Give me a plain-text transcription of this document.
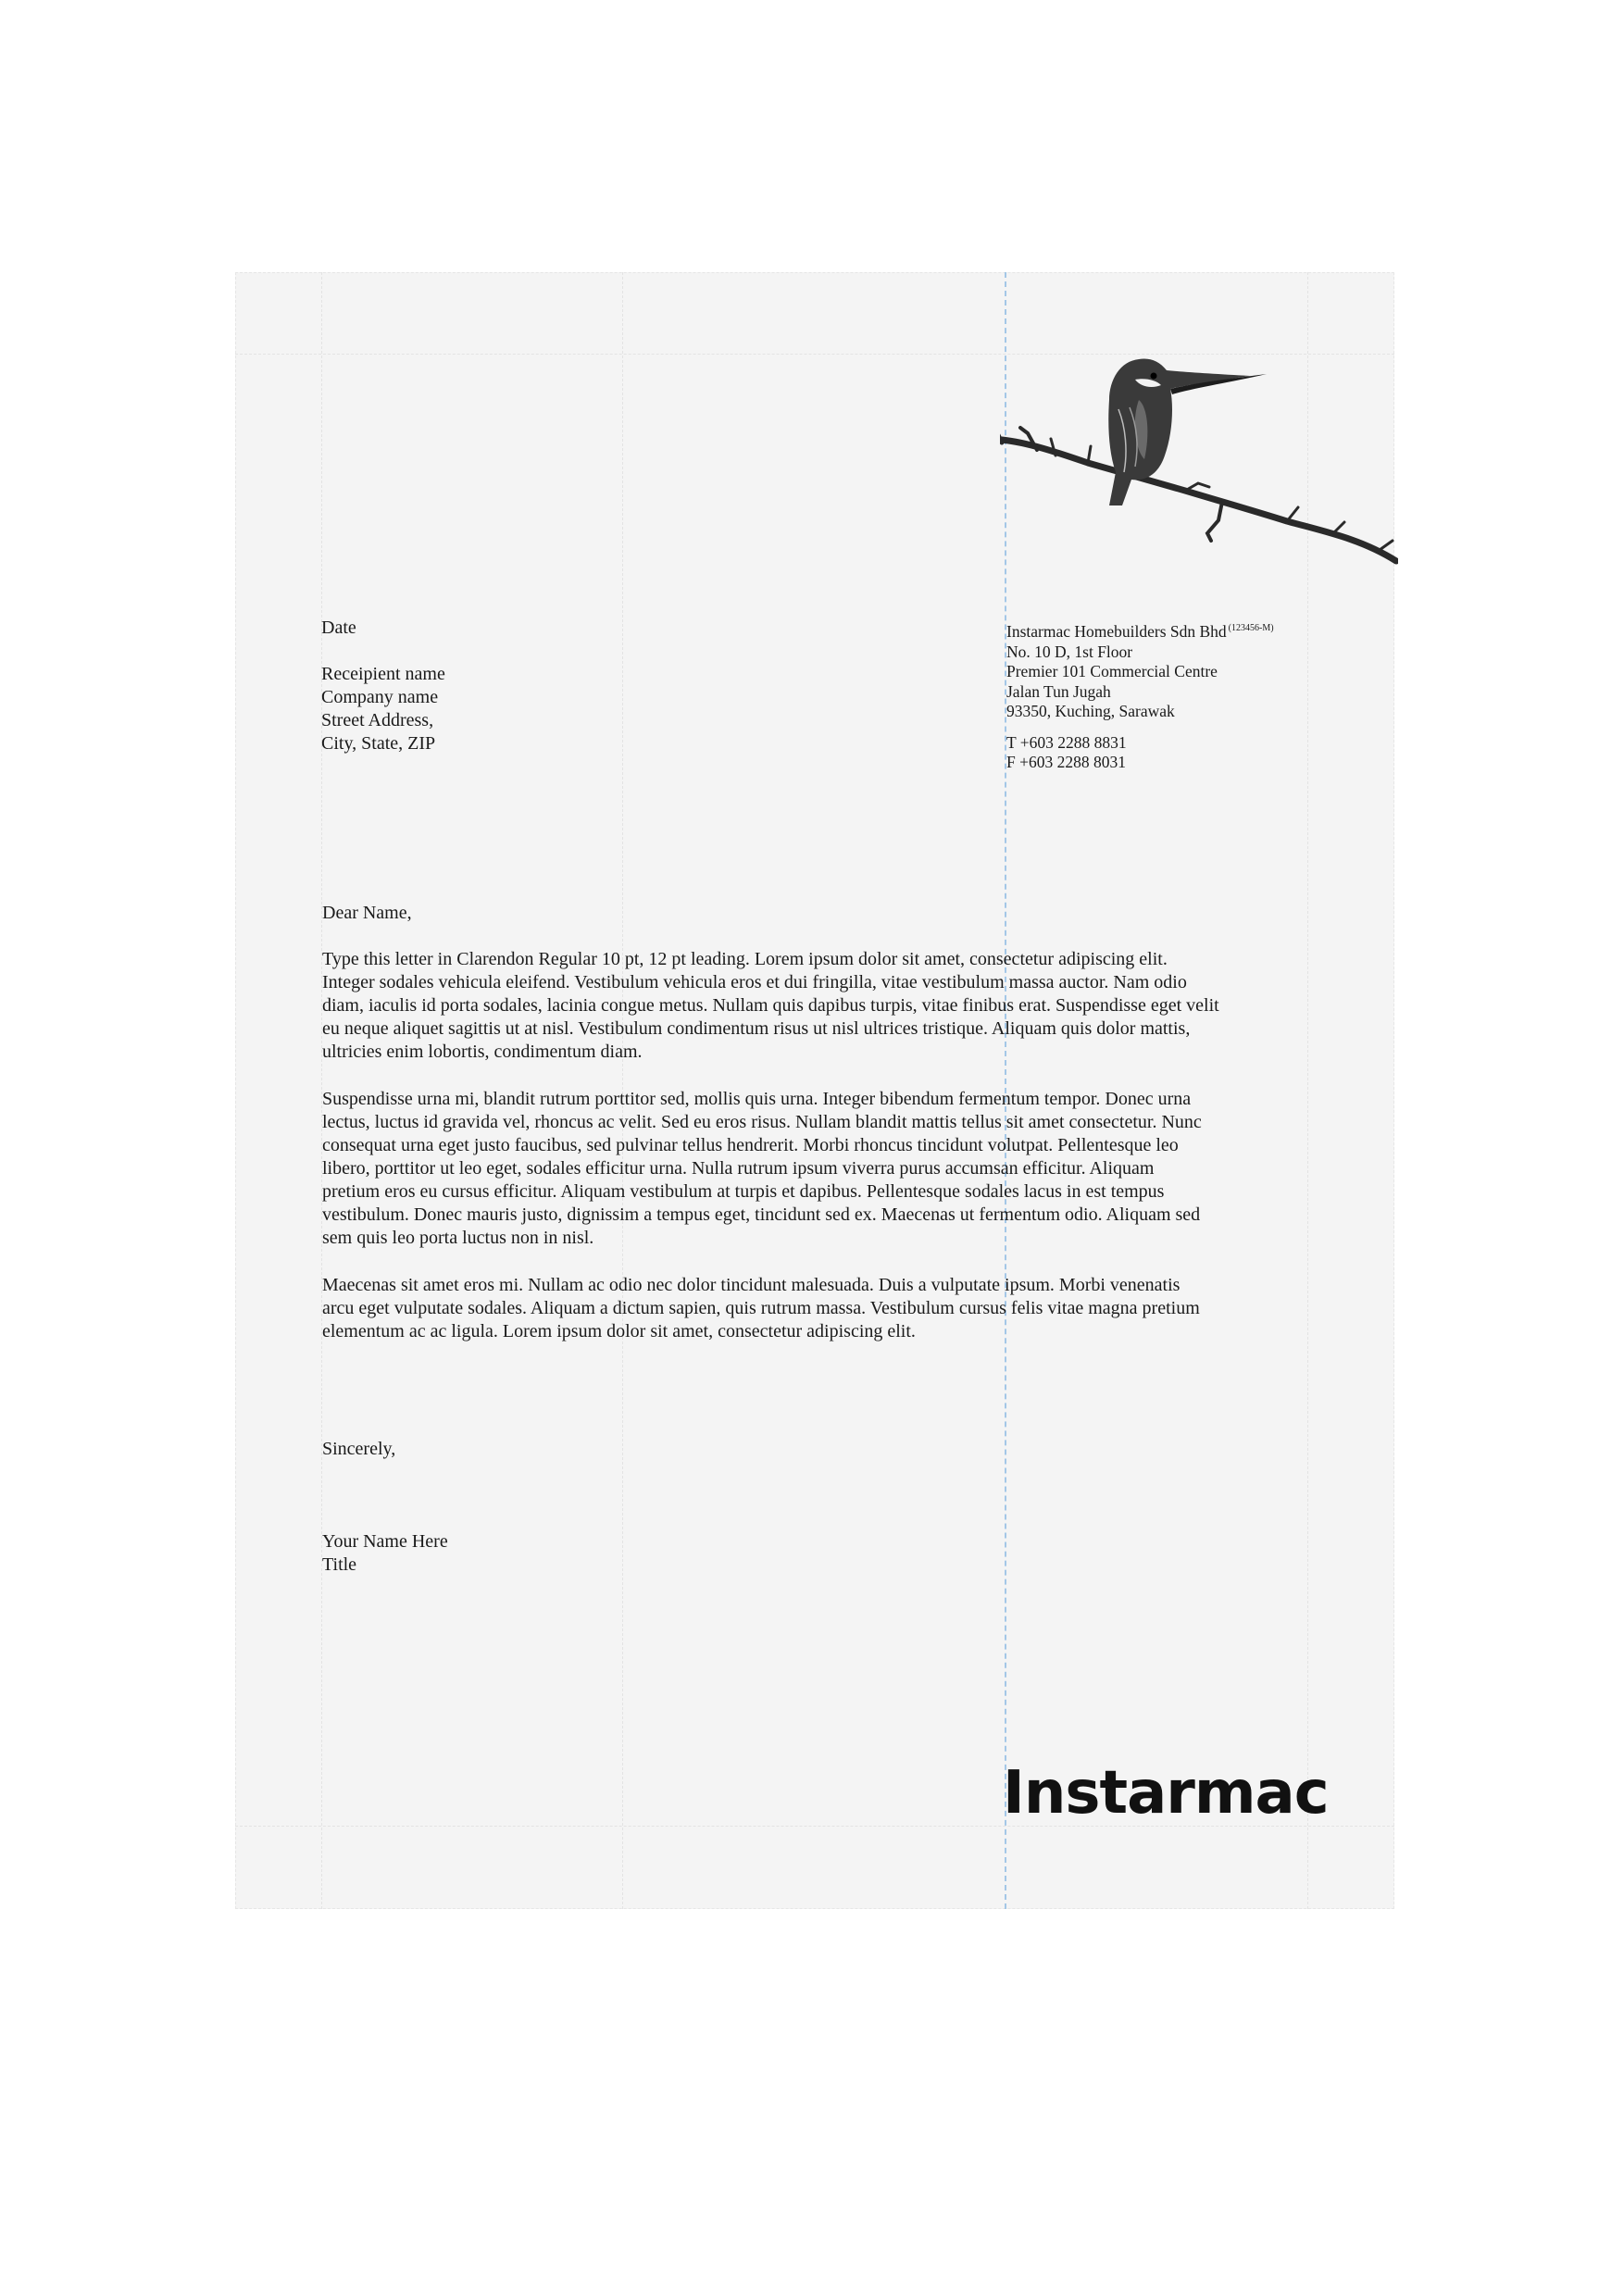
Date
Receipient name
Company name
Street Address,
City, State, ZIP
Instarmac Homebuilders Sdn Bhd $^{(123456-M)}$
No. 10 D, 1st Floor
Premier 101 Commercial Centre
Jalan Tun Jugah
93350, Kuching, Sarawak
T +603 2288 8831
F +603 2288 8031
Dear Name,
Type this letter in Clarendon Regular 10 pt, 12 pt leading. Lorem ipsum dolor sit amet, consectetur adipiscing elit.
Integer sodales vehicula eleifend. Vestibulum vehicula eros et dui fringilla, vitae vestibulum massa auctor. Nam odio
diam, iaculis id porta sodales, lacinia congue metus. Nullam quis dapibus turpis, vitae finibus erat. Suspendisse eget velit
eu neque aliquet sagittis ut at nisl. Vestibulum condimentum risus ut nisl ultrices tristique. Aliquam quis dolor mattis,
ultricies enim lobortis, condimentum diam.
Suspendisse urna mi, blandit rutrum porttitor sed, mollis quis urna. Integer bibendum fermentum tempor. Donec urna
lectus, luctus id gravida vel, rhoncus ac velit. Sed eu eros risus. Nullam blandit mattis tellus sit amet consectetur. Nunc
consequat urna eget justo faucibus, sed pulvinar tellus hendrerit. Morbi rhoncus tincidunt volutpat. Pellentesque leo
libero, porttitor ut leo eget, sodales efficitur urna. Nulla rutrum ipsum viverra purus accumsan efficitur. Aliquam
pretium eros eu cursus efficitur. Aliquam vestibulum at turpis et dapibus. Pellentesque sodales lacus in est tempus
vestibulum. Donec mauris justo, dignissim a tempus eget, tincidunt sed ex. Maecenas ut fermentum odio. Aliquam sed
sem quis leo porta luctus non in nisl.
Maecenas sit amet eros mi. Nullam ac odio nec dolor tincidunt malesuada. Duis a vulputate ipsum. Morbi venenatis
arcu eget vulputate sodales. Aliquam a dictum sapien, quis rutrum massa. Vestibulum cursus felis vitae magna pretium
elementum ac ac ligula. Lorem ipsum dolor sit amet, consectetur adipiscing elit.
Sincerely,
Your Name Here
Title
Instarmac
